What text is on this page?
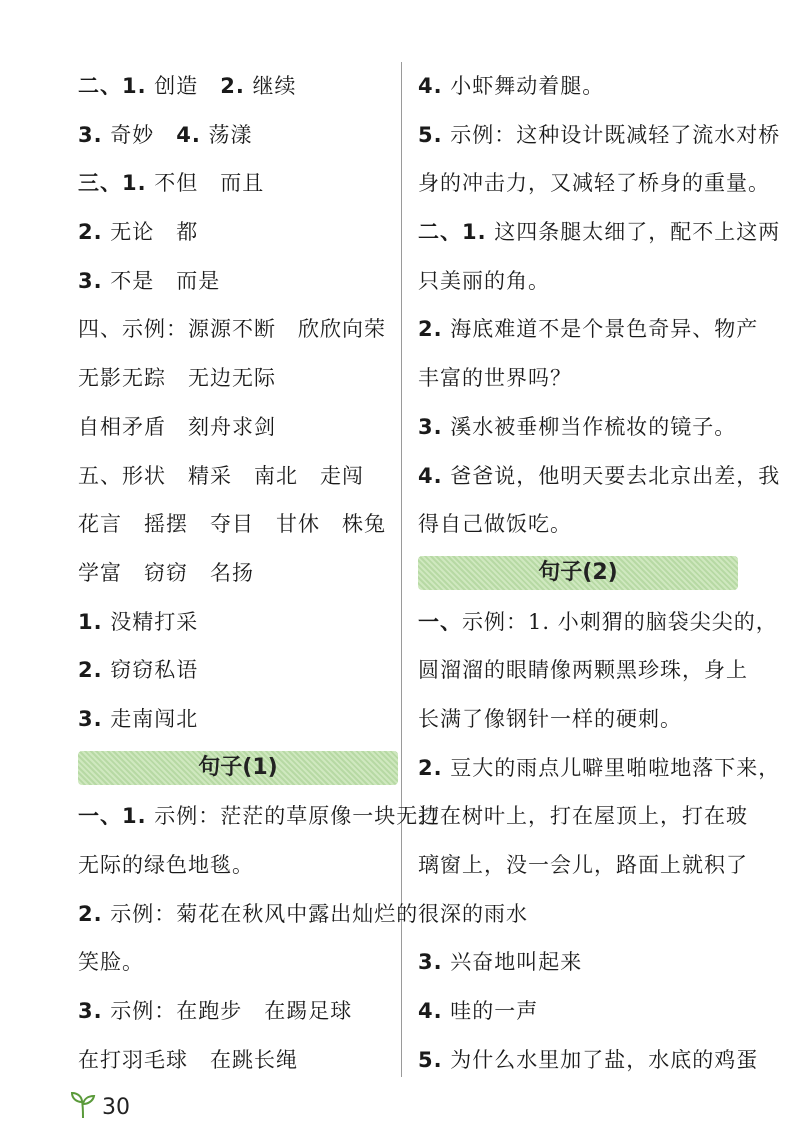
二、1. 创造　2. 继续
3. 奇妙　4. 荡漾
三、1. 不但　而且
2. 无论　都
3. 不是　而是
四、示例：源源不断　欣欣向荣
无影无踪　无边无际
自相矛盾　刻舟求剑
五、形状　精采　南北　走闯
花言　摇摆　夺目　甘休　株兔
学富　窃窃　名扬
1. 没精打采
2. 窃窃私语
3. 走南闯北
句子(1)
一、1. 示例：茫茫的草原像一块无边
无际的绿色地毯。
2. 示例：菊花在秋风中露出灿烂的
笑脸。
3. 示例：在跑步　在踢足球
在打羽毛球　在跳长绳
4. 小虾舞动着腿。
5. 示例：这种设计既减轻了流水对桥
身的冲击力，又减轻了桥身的重量。
二、1. 这四条腿太细了，配不上这两
只美丽的角。
2. 海底难道不是个景色奇异、物产
丰富的世界吗？
3. 溪水被垂柳当作梳妆的镜子。
4. 爸爸说，他明天要去北京出差，我
得自己做饭吃。
句子(2)
一、示例：1. 小刺猬的脑袋尖尖的，
圆溜溜的眼睛像两颗黑珍珠，身上
长满了像钢针一样的硬刺。
2. 豆大的雨点儿噼里啪啦地落下来，
打在树叶上，打在屋顶上，打在玻
璃窗上，没一会儿，路面上就积了
很深的雨水
3. 兴奋地叫起来
4. 哇的一声
5. 为什么水里加了盐，水底的鸡蛋
30
